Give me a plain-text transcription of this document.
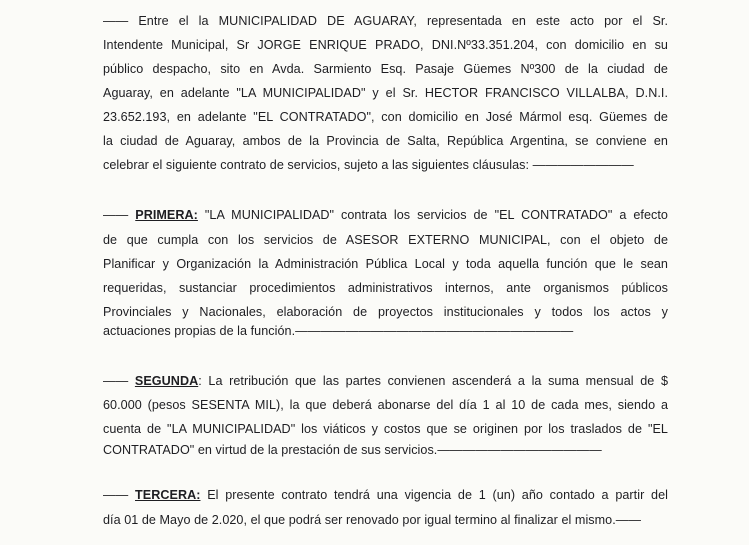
—— Entre el la MUNICIPALIDAD DE AGUARAY, representada en este acto por el Sr.
Intendente Municipal, Sr JORGE ENRIQUE PRADO, DNI.Nº33.351.204, con domicilio en su
público despacho, sito en Avda. Sarmiento Esq. Pasaje Güemes Nº300 de la ciudad de
Aguaray, en adelante "LA MUNICIPALIDAD" y el Sr. HECTOR FRANCISCO VILLALBA, D.N.I.
23.652.193, en adelante "EL CONTRATADO", con domicilio en José Mármol esq. Güemes de
la ciudad de Aguaray, ambos de la Provincia de Salta, República Argentina, se conviene en
celebrar el siguiente contrato de servicios, sujeto a las siguientes cláusulas: ————————
—— PRIMERA: "LA MUNICIPALIDAD" contrata los servicios de "EL CONTRATADO" a efecto
de que cumpla con los servicios de ASESOR EXTERNO MUNICIPAL, con el objeto de
Planificar y Organización la Administración Pública Local y toda aquella función que le sean
requeridas, sustanciar procedimientos administrativos internos, ante organismos públicos
Provinciales y Nacionales, elaboración de proyectos institucionales y todos los actos y
actuaciones propias de la función.——————————————————————
—— SEGUNDA: La retribución que las partes convienen ascenderá a la suma mensual de $
60.000 (pesos SESENTA MIL), la que deberá abonarse del día 1 al 10 de cada mes, siendo a
cuenta de "LA MUNICIPALIDAD" los viáticos y costos que se originen por los traslados de "EL
CONTRATADO" en virtud de la prestación de sus servicios.—————————————
—— TERCERA: El presente contrato tendrá una vigencia de 1 (un) año contado a partir del
día 01 de Mayo de 2.020, el que podrá ser renovado por igual termino al finalizar el mismo.——
